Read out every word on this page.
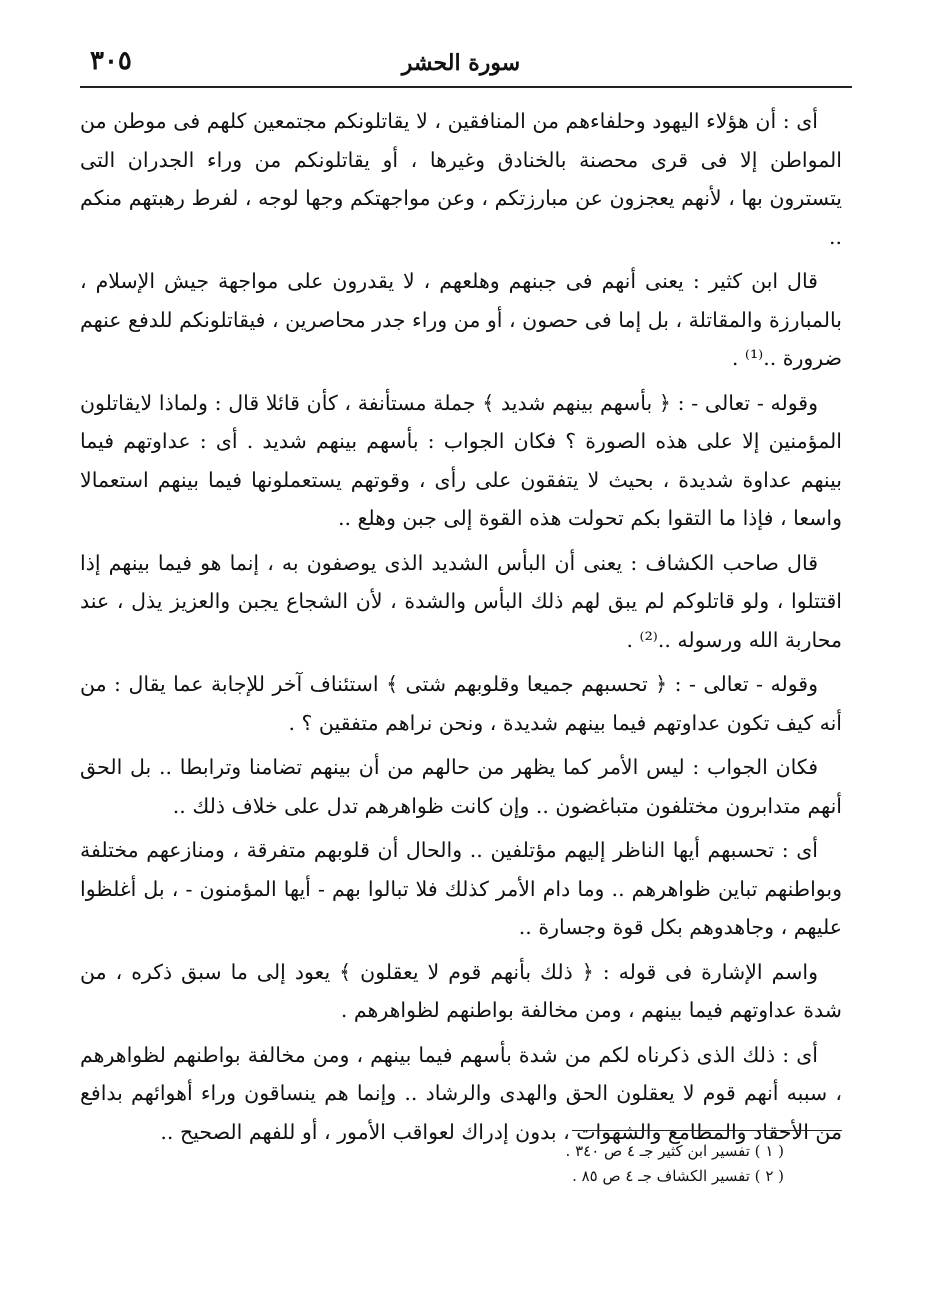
سورة الحشر
٣٠٥

أى : أن هؤلاء اليهود وحلفاءهم من المنافقين ، لا يقاتلونكم مجتمعين كلهم فى موطن من المواطن إلا فى قرى محصنة بالخنادق وغيرها ، أو يقاتلونكم من وراء الجدران التى يتسترون بها ، لأنهم يعجزون عن مبارزتكم ، وعن مواجهتكم وجها لوجه ، لفرط رهبتهم منكم ..

قال ابن كثير : يعنى أنهم فى جبنهم وهلعهم ، لا يقدرون على مواجهة جيش الإسلام ، بالمبارزة والمقاتلة ، بل إما فى حصون ، أو من وراء جدر محاصرين ، فيقاتلونكم للدفع عنهم ضرورة ..⁽¹⁾ .

وقوله - تعالى - : ﴿ بأسهم بينهم شديد ﴾ جملة مستأنفة ، كأن قائلا قال : ولماذا لايقاتلون المؤمنين إلا على هذه الصورة ؟ فكان الجواب : بأسهم بينهم شديد . أى : عداوتهم فيما بينهم عداوة شديدة ، بحيث لا يتفقون على رأى ، وقوتهم يستعملونها فيما بينهم استعمالا واسعا ، فإذا ما التقوا بكم تحولت هذه القوة إلى جبن وهلع ..

قال صاحب الكشاف : يعنى أن البأس الشديد الذى يوصفون به ، إنما هو فيما بينهم إذا اقتتلوا ، ولو قاتلوكم لم يبق لهم ذلك البأس والشدة ، لأن الشجاع يجبن والعزيز يذل ، عند محاربة الله ورسوله ..⁽²⁾ .

وقوله - تعالى - : ﴿ تحسبهم جميعا وقلوبهم شتى ﴾ استئناف آخر للإجابة عما يقال : من أنه كيف تكون عداوتهم فيما بينهم شديدة ، ونحن نراهم متفقين ؟ .

فكان الجواب : ليس الأمر كما يظهر من حالهم من أن بينهم تضامنا وترابطا .. بل الحق أنهم متدابرون مختلفون متباغضون .. وإن كانت ظواهرهم تدل على خلاف ذلك ..

أى : تحسبهم أيها الناظر إليهم مؤتلفين .. والحال أن قلوبهم متفرقة ، ومنازعهم مختلفة وبواطنهم تباين ظواهرهم .. وما دام الأمر كذلك فلا تبالوا بهم - أيها المؤمنون - ، بل أغلظوا عليهم ، وجاهدوهم بكل قوة وجسارة ..

واسم الإشارة فى قوله : ﴿ ذلك بأنهم قوم لا يعقلون ﴾ يعود إلى ما سبق ذكره ، من شدة عداوتهم فيما بينهم ، ومن مخالفة بواطنهم لظواهرهم .

أى : ذلك الذى ذكرناه لكم من شدة بأسهم فيما بينهم ، ومن مخالفة بواطنهم لظواهرهم ، سببه أنهم قوم لا يعقلون الحق والهدى والرشاد .. وإنما هم ينساقون وراء أهوائهم بدافع من الأحقاد والمطامع والشهوات ، بدون إدراك لعواقب الأمور ، أو للفهم الصحيح ..

( ١ ) تفسير ابن كثير جـ ٤ ص ٣٤٠ .
( ٢ ) تفسير الكشاف جـ ٤ ص ٨٥ .
